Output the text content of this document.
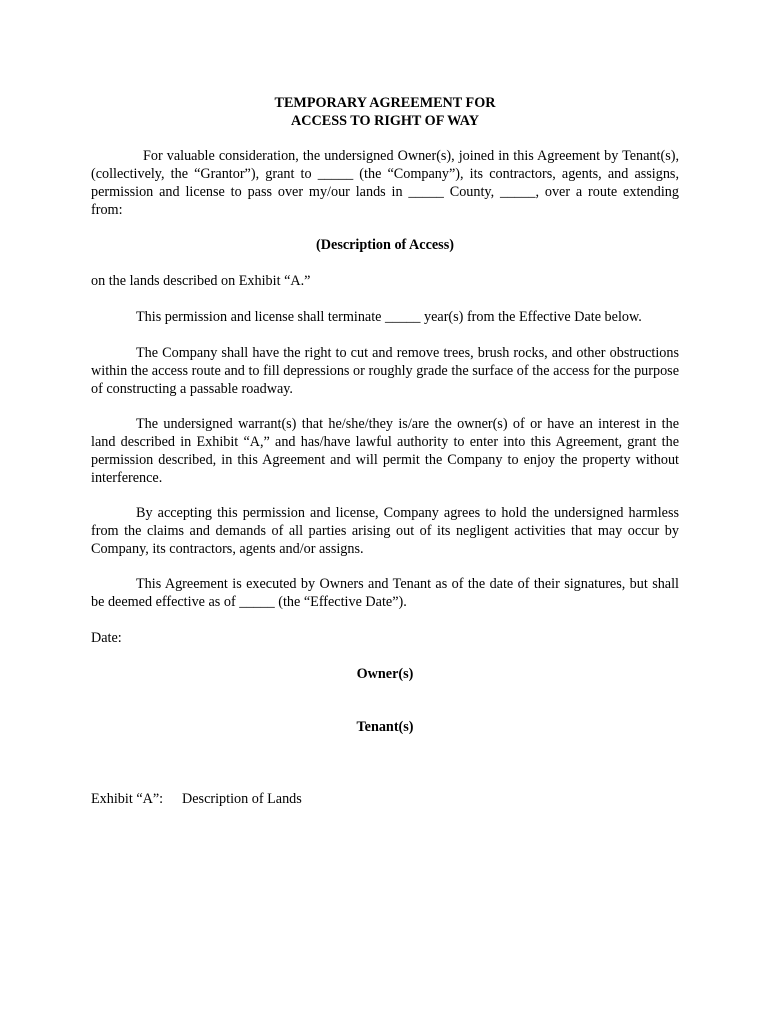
TEMPORARY AGREEMENT FOR
ACCESS TO RIGHT OF WAY
For valuable consideration, the undersigned Owner(s), joined in this Agreement by Tenant(s), (collectively, the “Grantor”), grant to _____ (the “Company”), its contractors, agents, and assigns, permission and license to pass over my/our lands in _____ County, _____, over a route extending from:
(Description of Access)
on the lands described on Exhibit “A.”
This permission and license shall terminate _____ year(s) from the Effective Date below.
The Company shall have the right to cut and remove trees, brush rocks, and other obstructions within the access route and to fill depressions or roughly grade the surface of the access for the purpose of constructing a passable roadway.
The undersigned warrant(s) that he/she/they is/are the owner(s) of or have an interest in the land described in Exhibit “A,” and has/have lawful authority to enter into this Agreement, grant the permission described, in this Agreement and will permit the Company to enjoy the property without interference.
By accepting this permission and license, Company agrees to hold the undersigned harmless from the claims and demands of all parties arising out of its negligent activities that may occur by Company, its contractors, agents and/or assigns.
This Agreement is executed by Owners and Tenant as of the date of their signatures, but shall be deemed effective as of _____ (the “Effective Date”).
Date:
Owner(s)
Tenant(s)
Exhibit “A”: Description of Lands
